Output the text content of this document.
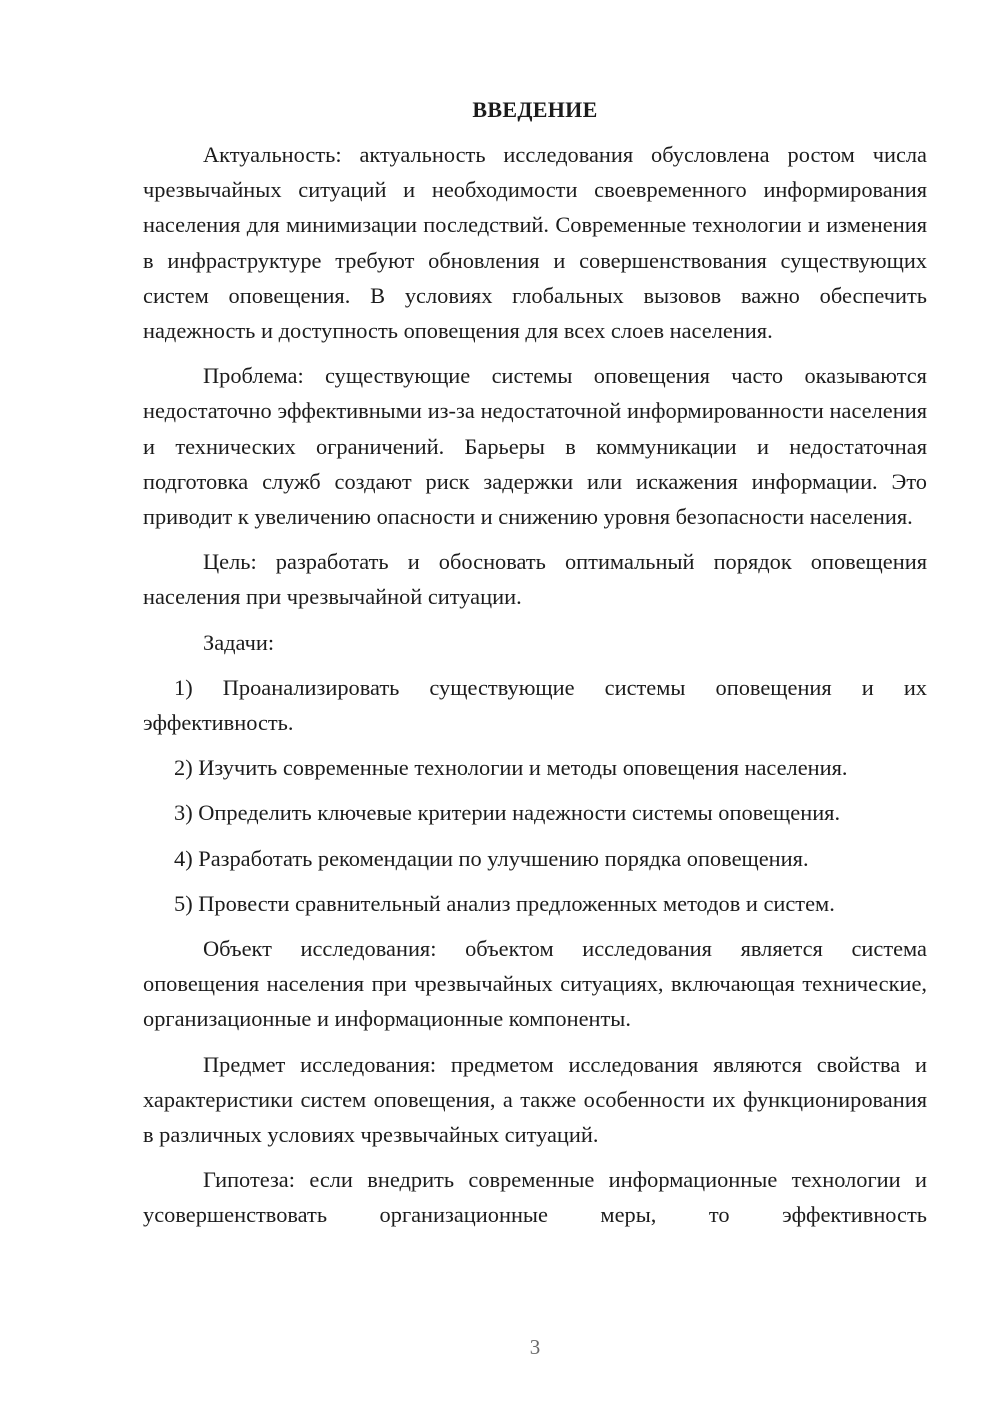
ВВЕДЕНИЕ

Актуальность: актуальность исследования обусловлена ростом числа чрезвычайных ситуаций и необходимости своевременного информирования населения для минимизации последствий. Современные технологии и изменения в инфраструктуре требуют обновления и совершенствования существующих систем оповещения. В условиях глобальных вызовов важно обеспечить надежность и доступность оповещения для всех слоев населения.

Проблема: существующие системы оповещения часто оказываются недостаточно эффективными из-за недостаточной информированности населения и технических ограничений. Барьеры в коммуникации и недостаточная подготовка служб создают риск задержки или искажения информации. Это приводит к увеличению опасности и снижению уровня безопасности населения.

Цель: разработать и обосновать оптимальный порядок оповещения населения при чрезвычайной ситуации.

Задачи:

1) Проанализировать существующие системы оповещения и их эффективность.

2) Изучить современные технологии и методы оповещения населения.

3) Определить ключевые критерии надежности системы оповещения.

4) Разработать рекомендации по улучшению порядка оповещения.

5) Провести сравнительный анализ предложенных методов и систем.

Объект исследования: объектом исследования является система оповещения населения при чрезвычайных ситуациях, включающая технические, организационные и информационные компоненты.

Предмет исследования: предметом исследования являются свойства и характеристики систем оповещения, а также особенности их функционирования в различных условиях чрезвычайных ситуаций.

Гипотеза: если внедрить современные информационные технологии и усовершенствовать организационные меры, то эффективность

3
